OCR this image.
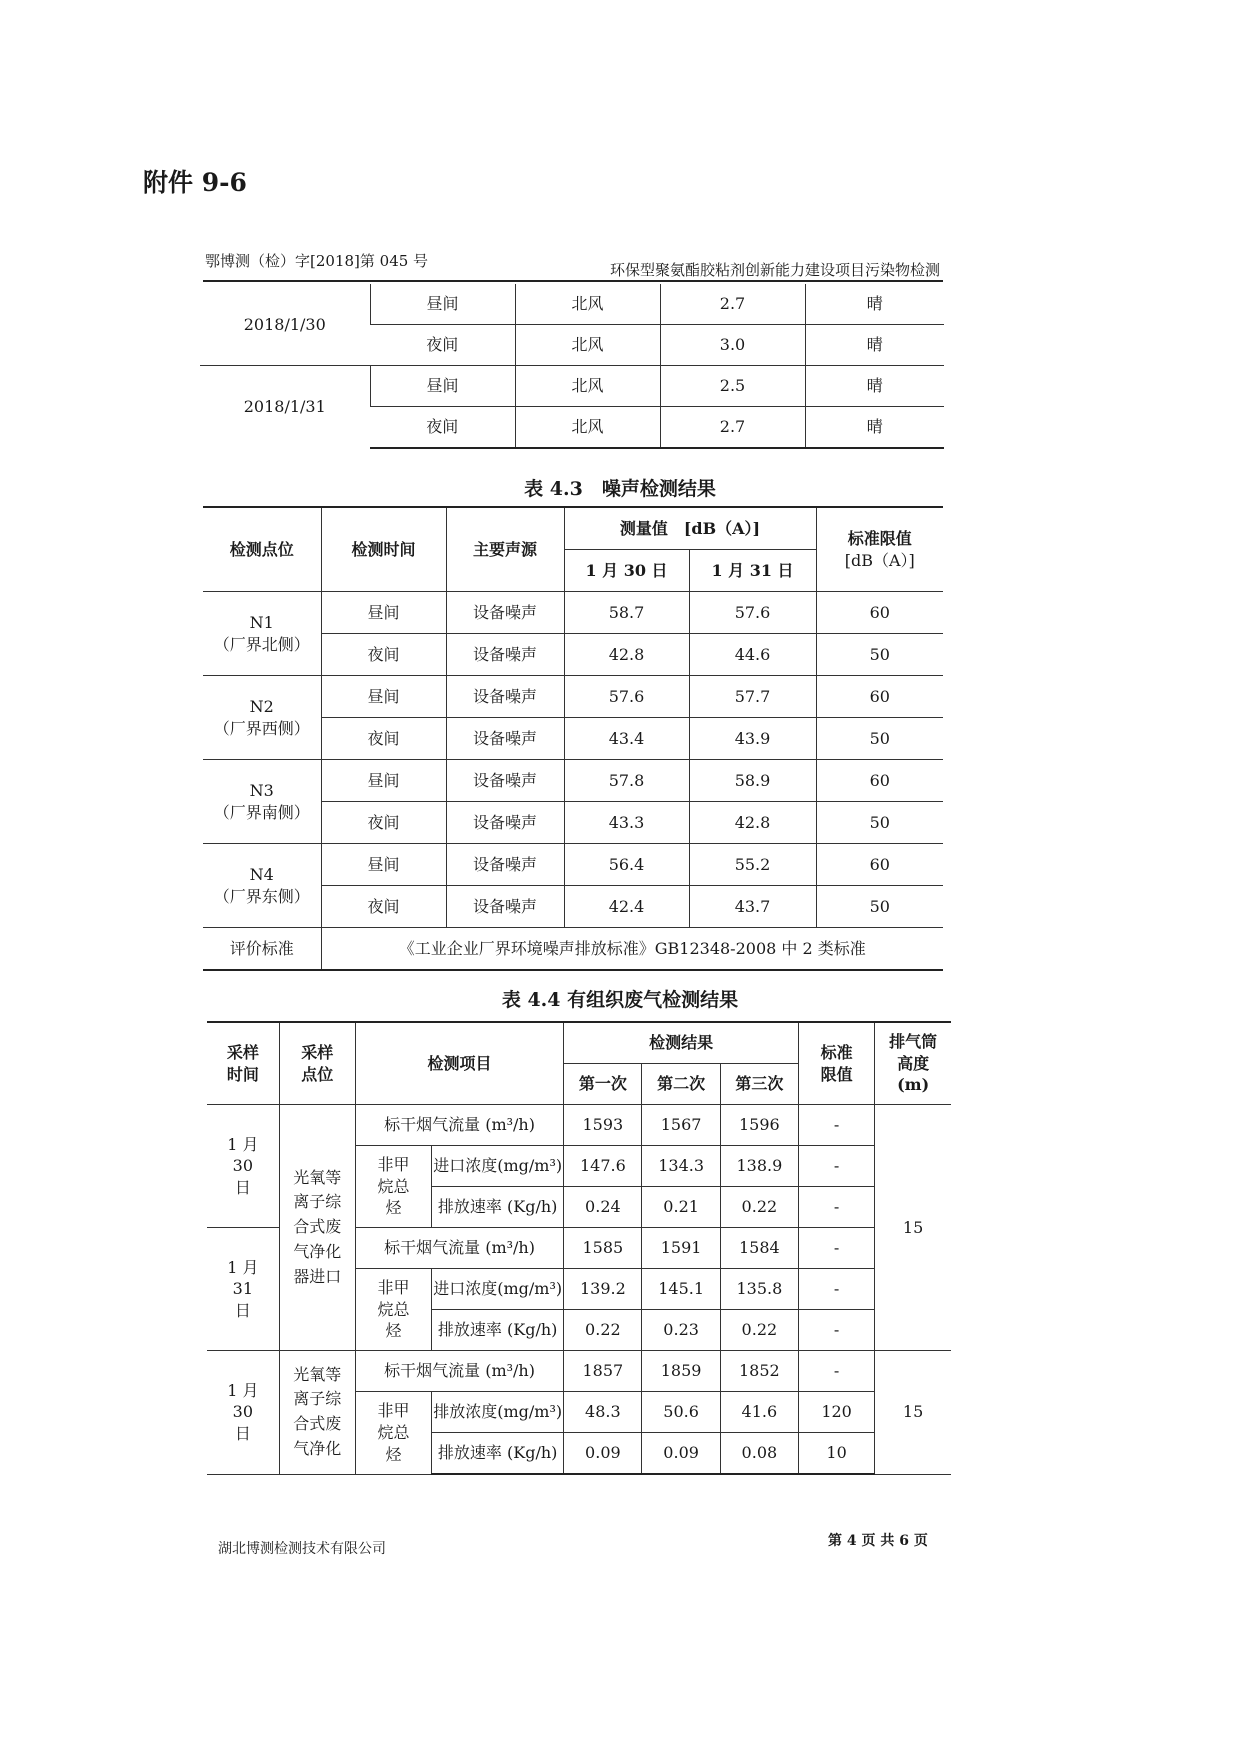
附件 9-6
鄂博测（检）字[2018]第 045 号	环保型聚氨酯胶粘剂创新能力建设项目污染物检测
2018/1/30	昼间	北风	2.7	晴
	夜间	北风	3.0	晴
2018/1/31	昼间	北风	2.5	晴
	夜间	北风	2.7	晴
表 4.3　噪声检测结果
检测点位	检测时间	主要声源	测量值　[dB（A）]		标准限值
[dB（A）]

			1 月 30 日	1 月 31 日	

N1
（厂界北侧）	昼间	设备噪声	58.7	57.6	60
	夜间	设备噪声	42.8	44.6	50

N2
（厂界西侧）	昼间	设备噪声	57.6	57.7	60
	夜间	设备噪声	43.4	43.9	50

N3
（厂界南侧）	昼间	设备噪声	57.8	58.9	60
	夜间	设备噪声	43.3	42.8	50

N4
（厂界东侧）	昼间	设备噪声	56.4	55.2	60
	夜间	设备噪声	42.4	43.7	50
评价标准	《工业企业厂界环境噪声排放标准》GB12348-2008 中 2 类标准				
表 4.4 有组织废气检测结果
采样时间	采样点位	检测项目		检测结果			标准限值	排气筒高度(m)
				第一次	第二次	第三次		
1 月 30 日	光氧等离子综合式废气净化器进口	标干烟气流量 (m³/h)		1593	1567	1596	-	15
		非甲烷总烃	进口浓度(mg/m³)	147.6	134.3	138.9	-	
			排放速率 (Kg/h)	0.24	0.21	0.22	-	
1 月 31 日		标干烟气流量 (m³/h)		1585	1591	1584	-	
		非甲烷总烃	进口浓度(mg/m³)	139.2	145.1	135.8	-	
			排放速率 (Kg/h)	0.22	0.23	0.22	-	
1 月 30 日	光氧等离子综合式废气净化	标干烟气流量 (m³/h)		1857	1859	1852	-	15
		非甲烷总烃	排放浓度(mg/m³)	48.3	50.6	41.6	120	
			排放速率 (Kg/h)	0.09	0.09	0.08	10	
湖北博测检测技术有限公司	第 4 页 共 6 页
